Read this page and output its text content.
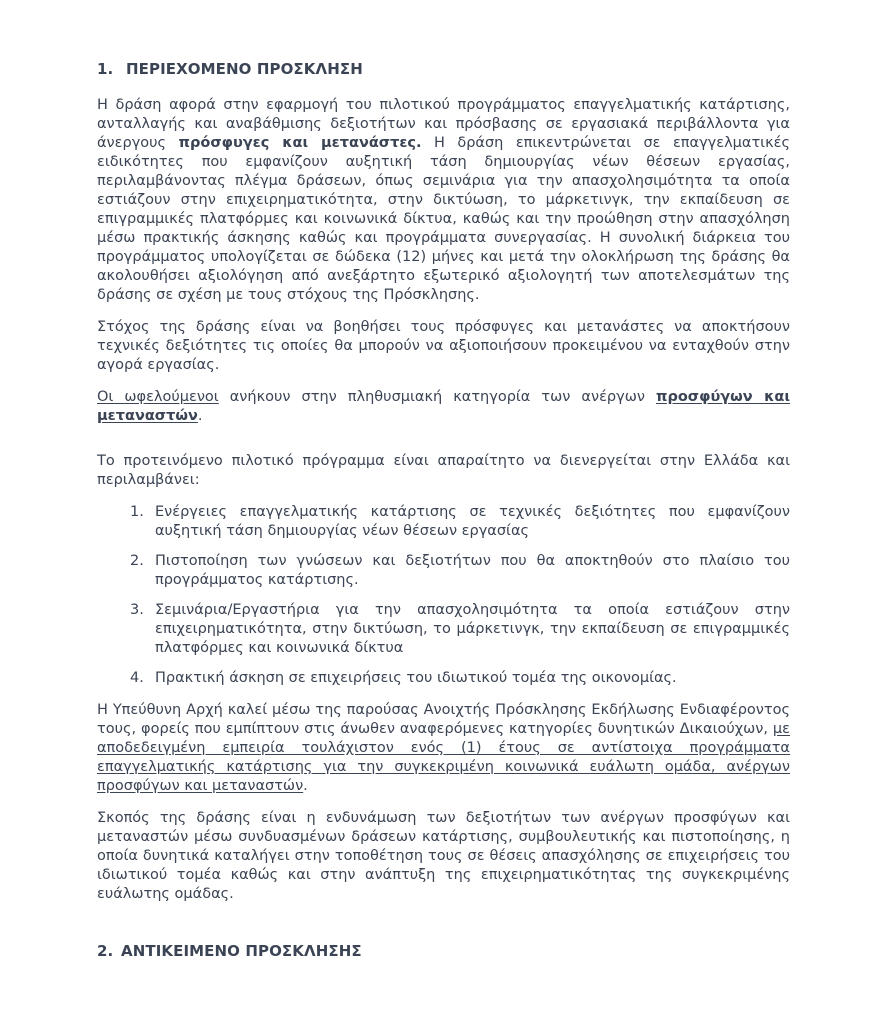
1. ΠΕΡΙΕΧΟΜΕΝΟ ΠΡΟΣΚΛΗΣΗ

Η δράση αφορά στην εφαρμογή του πιλοτικού προγράμματος επαγγελματικής κατάρτισης, ανταλλαγής και αναβάθμισης δεξιοτήτων και πρόσβασης σε εργασιακά περιβάλλοντα για άνεργους πρόσφυγες και μετανάστες. Η δράση επικεντρώνεται σε επαγγελματικές ειδικότητες που εμφανίζουν αυξητική τάση δημιουργίας νέων θέσεων εργασίας, περιλαμβάνοντας πλέγμα δράσεων, όπως σεμινάρια για την απασχολησιμότητα τα οποία εστιάζουν στην επιχειρηματικότητα, στην δικτύωση, το μάρκετινγκ, την εκπαίδευση σε επιγραμμικές πλατφόρμες και κοινωνικά δίκτυα, καθώς και την προώθηση στην απασχόληση μέσω πρακτικής άσκησης καθώς και προγράμματα συνεργασίας. Η συνολική διάρκεια του προγράμματος υπολογίζεται σε δώδεκα (12) μήνες και μετά την ολοκλήρωση της δράσης θα ακολουθήσει αξιολόγηση από ανεξάρτητο εξωτερικό αξιολογητή των αποτελεσμάτων της δράσης σε σχέση με τους στόχους της Πρόσκλησης.

Στόχος της δράσης είναι να βοηθήσει τους πρόσφυγες και μετανάστες να αποκτήσουν τεχνικές δεξιότητες τις οποίες θα μπορούν να αξιοποιήσουν προκειμένου να ενταχθούν στην αγορά εργασίας.

Οι ωφελούμενοι ανήκουν στην πληθυσμιακή κατηγορία των ανέργων προσφύγων και μεταναστών.

Το προτεινόμενο πιλοτικό πρόγραμμα είναι απαραίτητο να διενεργείται στην Ελλάδα και περιλαμβάνει:

1. Ενέργειες επαγγελματικής κατάρτισης σε τεχνικές δεξιότητες που εμφανίζουν αυξητική τάση δημιουργίας νέων θέσεων εργασίας
2. Πιστοποίηση των γνώσεων και δεξιοτήτων που θα αποκτηθούν στο πλαίσιο του προγράμματος κατάρτισης.
3. Σεμινάρια/Εργαστήρια για την απασχολησιμότητα τα οποία εστιάζουν στην επιχειρηματικότητα, στην δικτύωση, το μάρκετινγκ, την εκπαίδευση σε επιγραμμικές πλατφόρμες και κοινωνικά δίκτυα
4. Πρακτική άσκηση σε επιχειρήσεις του ιδιωτικού τομέα της οικονομίας.

Η Υπεύθυνη Αρχή καλεί μέσω της παρούσας Ανοιχτής Πρόσκλησης Εκδήλωσης Ενδιαφέροντος τους, φορείς που εμπίπτουν στις άνωθεν αναφερόμενες κατηγορίες δυνητικών Δικαιούχων, με αποδεδειγμένη εμπειρία τουλάχιστον ενός (1) έτους σε αντίστοιχα προγράμματα επαγγελματικής κατάρτισης για την συγκεκριμένη κοινωνικά ευάλωτη ομάδα, ανέργων προσφύγων και μεταναστών.

Σκοπός της δράσης είναι η ενδυνάμωση των δεξιοτήτων των ανέργων προσφύγων και μεταναστών μέσω συνδυασμένων δράσεων κατάρτισης, συμβουλευτικής και πιστοποίησης, η οποία δυνητικά καταλήγει στην τοποθέτηση τους σε θέσεις απασχόλησης σε επιχειρήσεις του ιδιωτικού τομέα καθώς και στην ανάπτυξη της επιχειρηματικότητας της συγκεκριμένης ευάλωτης ομάδας.

2. ΑΝΤΙΚΕΙΜΕΝΟ ΠΡΟΣΚΛΗΣΗΣ
